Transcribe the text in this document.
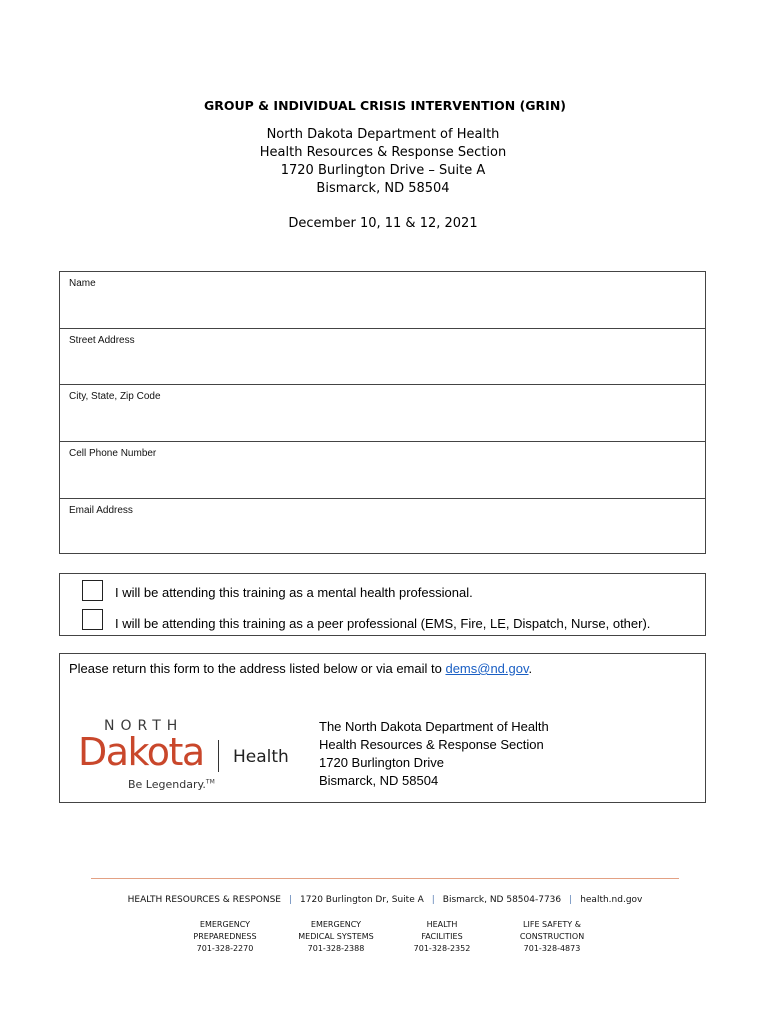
GROUP & INDIVIDUAL CRISIS INTERVENTION (GRIN)
North Dakota Department of Health
Health Resources & Response Section
1720 Burlington Drive – Suite A
Bismarck, ND 58504
December 10, 11 & 12, 2021
Name
Street Address
City, State, Zip Code
Cell Phone Number
Email Address
I will be attending this training as a mental health professional.
I will be attending this training as a peer professional (EMS, Fire, LE, Dispatch, Nurse, other).
Please return this form to the address listed below or via email to dems@nd.gov.
NORTH
Dakota Health
Be Legendary.™
The North Dakota Department of Health
Health Resources & Response Section
1720 Burlington Drive
Bismarck, ND 58504
HEALTH RESOURCES & RESPONSE | 1720 Burlington Dr, Suite A | Bismarck, ND 58504-7736 | health.nd.gov
EMERGENCY
PREPAREDNESS
701-328-2270
EMERGENCY
MEDICAL SYSTEMS
701-328-2388
HEALTH
FACILITIES
701-328-2352
LIFE SAFETY &
CONSTRUCTION
701-328-4873
